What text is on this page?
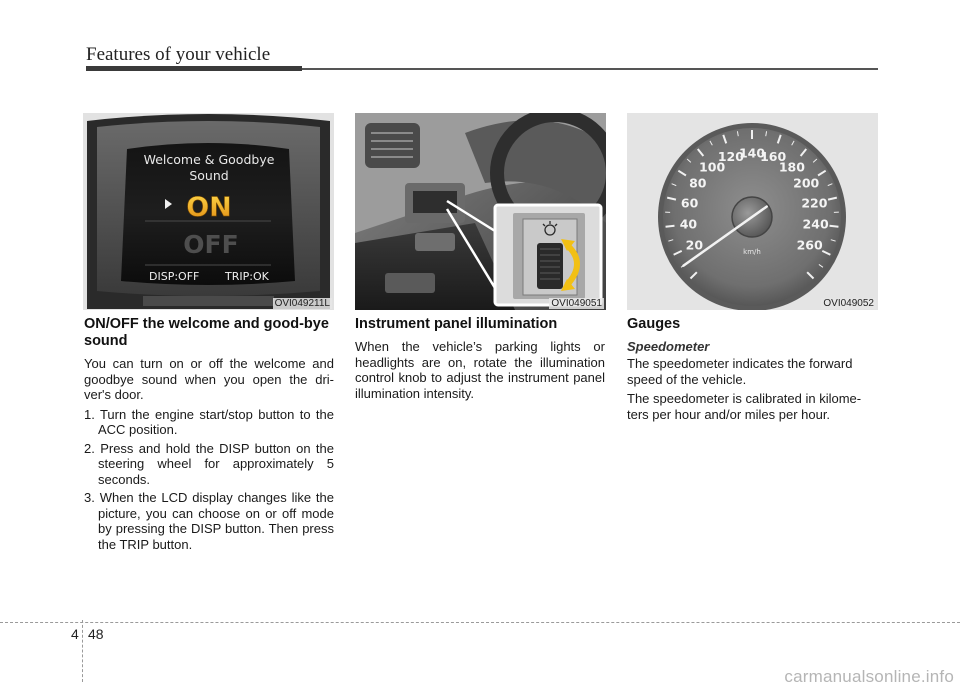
Features of your vehicle
Welcome & Goodbye
Sound
ON
OFF
DISP:OFF TRIP:OK
OVI049211L	OVI049051
20
40
60
80
100
120
140
160
180
200
220
240
260
km/h
OVI049052
ON/OFF the welcome and good-bye sound

You can turn on or off the welcome and goodbye sound when you open the dri-ver's door.

1. Turn the engine start/stop button to the ACC position.
2. Press and hold the DISP button on the steering wheel for approximately 5 seconds.
3. When the LCD display changes like the picture, you can choose on or off mode by pressing the DISP button. Then press the TRIP button.
Instrument panel illumination

When the vehicle’s parking lights or headlights are on, rotate the illumination control knob to adjust the instrument panel illumination intensity.

Gauges
Speedometer

The speedometer indicates the forward speed of the vehicle.

The speedometer is calibrated in kilome-ters per hour and/or miles per hour.

4 48
carmanualsonline.info
